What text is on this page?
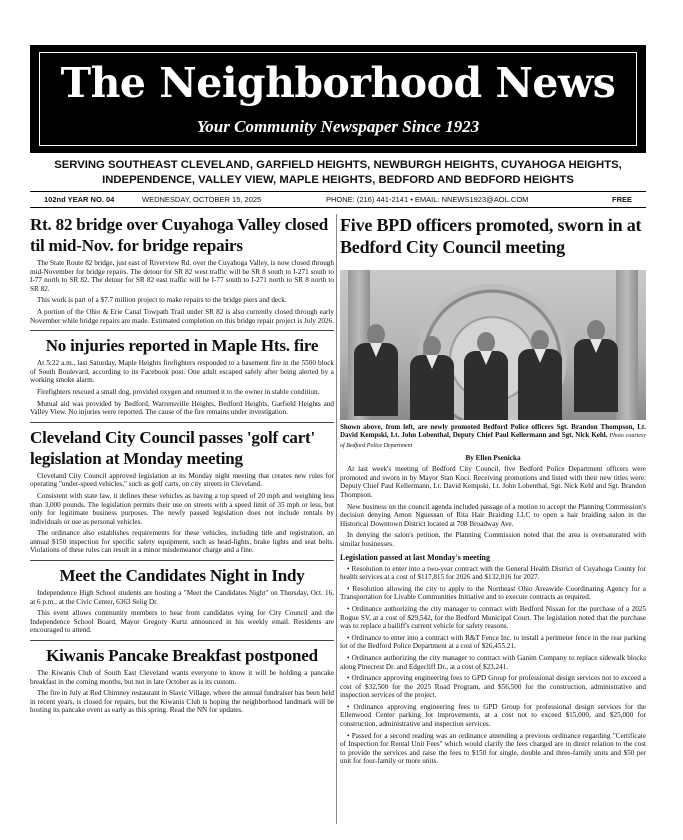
The Neighborhood News
Your Community Newspaper Since 1923
SERVING SOUTHEAST CLEVELAND, GARFIELD HEIGHTS, NEWBURGH HEIGHTS, CUYAHOGA HEIGHTS, INDEPENDENCE, VALLEY VIEW, MAPLE HEIGHTS, BEDFORD AND BEDFORD HEIGHTS
102nd YEAR NO. 04	WEDNESDAY, OCTOBER 15, 2025	PHONE: (216) 441-2141 • EMAIL: NNEWS1923@AOL.COM	FREE
Rt. 82 bridge over Cuyahoga Valley closed til mid-Nov. for bridge repairs

The State Route 82 bridge, just east of Riverview Rd. over the Cuyahoga Valley, is now closed through mid-November for bridge repairs. The detour for SR 82 west traffic will be SR 8 south to I-271 south to I-77 north to SR 82. The detour for SR 82 east traffic will be I-77 south to I-271 north to SR 8 north to SR 82.

This work is part of a $7.7 million project to make repairs to the bridge piers and deck.

A portion of the Ohio & Erie Canal Towpath Trail under SR 82 is also currently closed through early November while bridge repairs are made. Estimated completion on this bridge repair project is July 2026.

No injuries reported in Maple Hts. fire

At 5:22 a.m., last Saturday, Maple Heights firefighters responded to a basement fire in the 5500 block of South Boulevard, according to its Facebook post. One adult escaped safely after being alerted by a working smoke alarm.

Firefighters rescued a small dog, provided oxygen and returned it to the owner in stable condition.

Mutual aid was provided by Bedford, Warrensville Heights, Bedford Heights, Garfield Heights and Valley View. No injuries were reported. The cause of the fire remains under investigation.

Cleveland City Council passes 'golf cart' legislation at Monday meeting

Cleveland City Council approved legislation at its Monday night meeting that creates new rules for operating "under-speed vehicles," such as golf carts, on city streets in Cleveland.

Consistent with state law, it defines these vehicles as having a top speed of 20 mph and weighing less than 3,000 pounds. The legislation permits their use on streets with a speed limit of 35 mph or less, but only for legitimate business purposes. The newly passed legislation does not include rentals by individuals or use as personal vehicles.

The ordinance also establishes requirements for these vehicles, including title and registration, an annual $150 inspection for specific safety equipment, such as head-lights, brake lights and seat belts. Violations of these rules can result in a minor misdemeanor charge and a fine.

Meet the Candidates Night in Indy

Independence High School students are hosting a "Meet the Candidates Night" on Thursday, Oct. 16, at 6 p.m., at the Civic Center, 6363 Selig Dr.

This event allows community members to hear from candidates vying for City Council and the Independence School Board, Mayor Gregory Kurtz announced in his weekly email. Residents are encouraged to attend.

Kiwanis Pancake Breakfast postponed

The Kiwanis Club of South East Cleveland wants everyone to know it will be holding a pancake breakfast in the coming months, but not in late October as is its custom.

The fire in July at Red Chimney restaurant in Slavic Village, where the annual fundraiser has been held in recent years, is closed for repairs, but the Kiwanis Club is hoping the neighborhood landmark will be hosting its pancake event as early as this spring. Read the NN for updates.

Five BPD officers promoted, sworn in at Bedford City Council meeting
Shown above, from left, are newly promoted Bedford Police officers Sgt. Brandon Thompson, Lt. David Kempski, Lt. John Lobenthal, Deputy Chief Paul Kellermann and Sgt. Nick Kehl. Photo courtesy of Bedford Police Department
By Ellen Psenicka

At last week's meeting of Bedford City Council, five Bedford Police Department officers were promoted and sworn in by Mayor Stan Koci. Receiving promotions and listed with their new titles were: Deputy Chief Paul Kellermann, Lt. David Kempski, Lt. John Lobenthal, Sgt. Nick Kehl and Sgt. Brandon Thompson.

New business on the council agenda included passage of a motion to accept the Planning Commission's decision denying Amon Nguessan of Rita Hair Braiding LLC to open a hair braiding salon in the Historical Downtown District located at 708 Broadway Ave.

In denying the salon's petition, the Planning Commission noted that the area is oversaturated with similar businesses.

Legislation passed at last Monday's meeting

• Resolution to enter into a two-year contract with the General Health District of Cuyahoga County for health services at a cost of $117,815 for 2026 and $132,016 for 2027.

• Resolution allowing the city to apply to the Northeast Ohio Areawide Coordinating Agency for a Transportation for Livable Communities Initiative and to execute contracts as required.

• Ordinance authorizing the city manager to contract with Bedford Nissan for the purchase of a 2025 Rogue SV, at a cost of $29,542, for the Bedford Municipal Court. The legislation noted that the purchase was to replace a bailiff's current vehicle for safety reasons.

• Ordinance to enter into a contract with R&T Fence Inc. to install a perimeter fence in the rear parking lot of the Bedford Police Department at a cost of $26,455.21.

• Ordinance authorizing the city manager to contract with Ganim Company to replace sidewalk blocks along Pinecrest Dr. and Edgecliff Dr., at a cost of $23,241.

• Ordinance approving engineering fees to GPD Group for professional design services not to exceed a cost of $32,500 for the 2025 Road Program, and $56,500 for the construction, administrative and inspection services of the project.

• Ordinance approving engineering fees to GPD Group for professional design services for the Ellenwood Center parking lot improvements, at a cost not to exceed $15,000, and $25,000 for construction, administrative and inspection services.

• Passed for a second reading was an ordinance amending a previous ordinance regarding "Certificate of Inspection for Rental Unit Fees" which would clarify the fees charged are in direct relation to the cost to provide the services and raise the fees to $150 for single, double and three-family units and $50 per unit for four-family or more units.
